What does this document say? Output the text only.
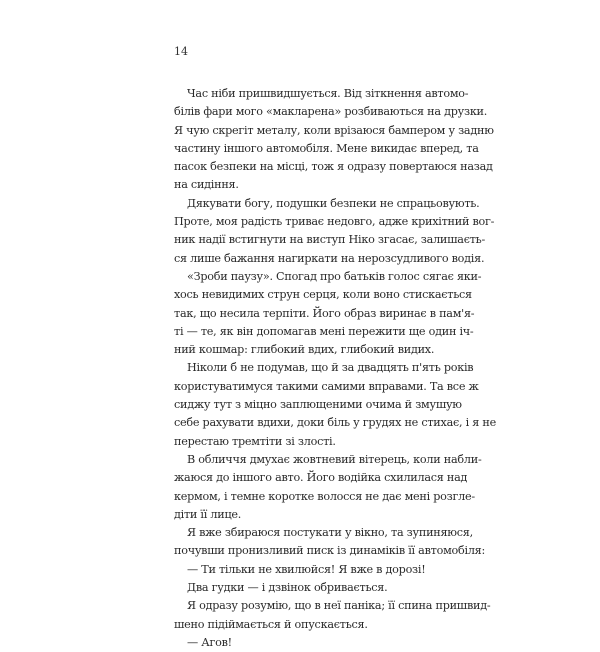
14
Час ніби пришвидшується. Від зіткнення автомо-
білів фари мого «макларена» розбиваються на друзки.
Я чую скрегіт металу, коли врізаюся бампером у задню
частину іншого автомобіля. Мене викидає вперед, та
пасок безпеки на місці, тож я одразу повертаюся назад
на сидіння.
Дякувати богу, подушки безпеки не спрацьовують.
Проте, моя радість триває недовго, адже крихітний вог-
ник надії встигнути на виступ Ніко згасає, залишаєть-
ся лише бажання нагиркати на нерозсудливого водія.
«Зроби паузу». Спогад про батьків голос сягає яки-
хось невидимих струн серця, коли воно стискається
так, що несила терпіти. Його образ виринає в пам'я-
ті — те, як він допомагав мені пережити ще один іч-
ний кошмар: глибокий вдих, глибокий видих.
Ніколи б не подумав, що й за двадцять п'ять років
користуватимуся такими самими вправами. Та все ж
сиджу тут з міцно заплющеними очима й змушую
себе рахувати вдихи, доки біль у грудях не стихає, і я не
перестаю тремтіти зі злості.
В обличчя дмухає жовтневий вітерець, коли набли-
жаюся до іншого авто. Його водійка схилилася над
кермом, і темне коротке волосся не дає мені розгле-
діти її лице.
Я вже збираюся постукати у вікно, та зупиняюся,
почувши пронизливий писк із динаміків її автомобіля:
— Ти тільки не хвилюйся! Я вже в дорозі!
Два гудки — і дзвінок обривається.
Я одразу розумію, що в неї паніка; її спина пришвид-
шено підіймається й опускається.
— Агов!
